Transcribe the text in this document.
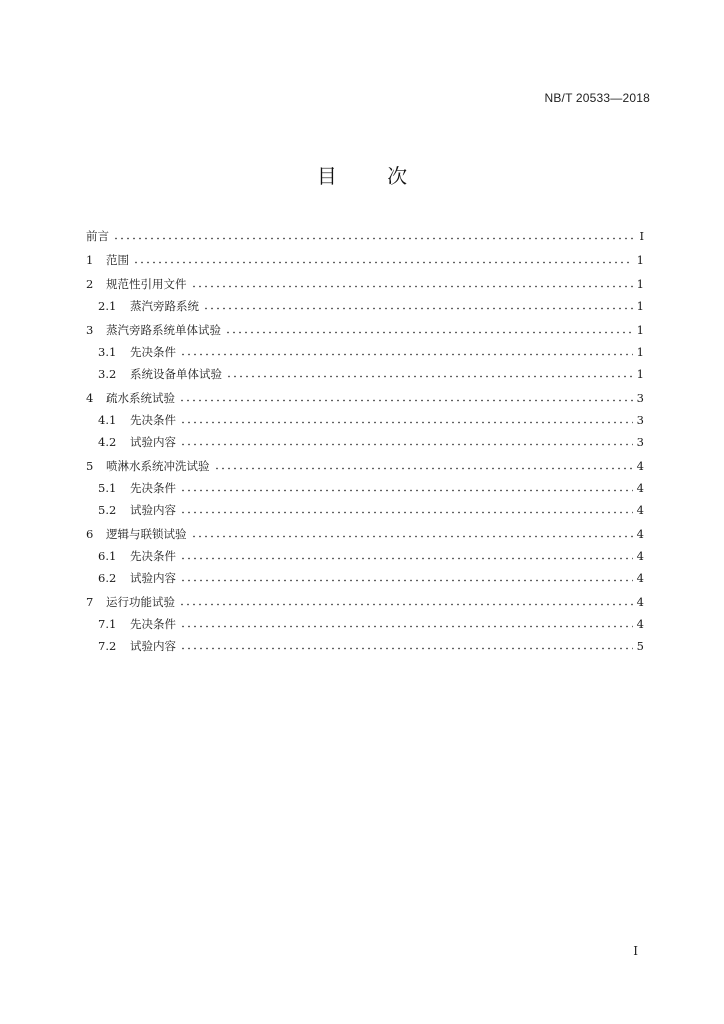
NB/T 20533—2018
目 次
前言	I
1	范围	1
2	规范性引用文件	1
2.1	蒸汽旁路系统	1
3	蒸汽旁路系统单体试验	1
3.1	先决条件	1
3.2	系统设备单体试验	1
4	疏水系统试验	3
4.1	先决条件	3
4.2	试验内容	3
5	喷淋水系统冲洗试验	4
5.1	先决条件	4
5.2	试验内容	4
6	逻辑与联锁试验	4
6.1	先决条件	4
6.2	试验内容	4
7	运行功能试验	4
7.1	先决条件	4
7.2	试验内容	5
I
